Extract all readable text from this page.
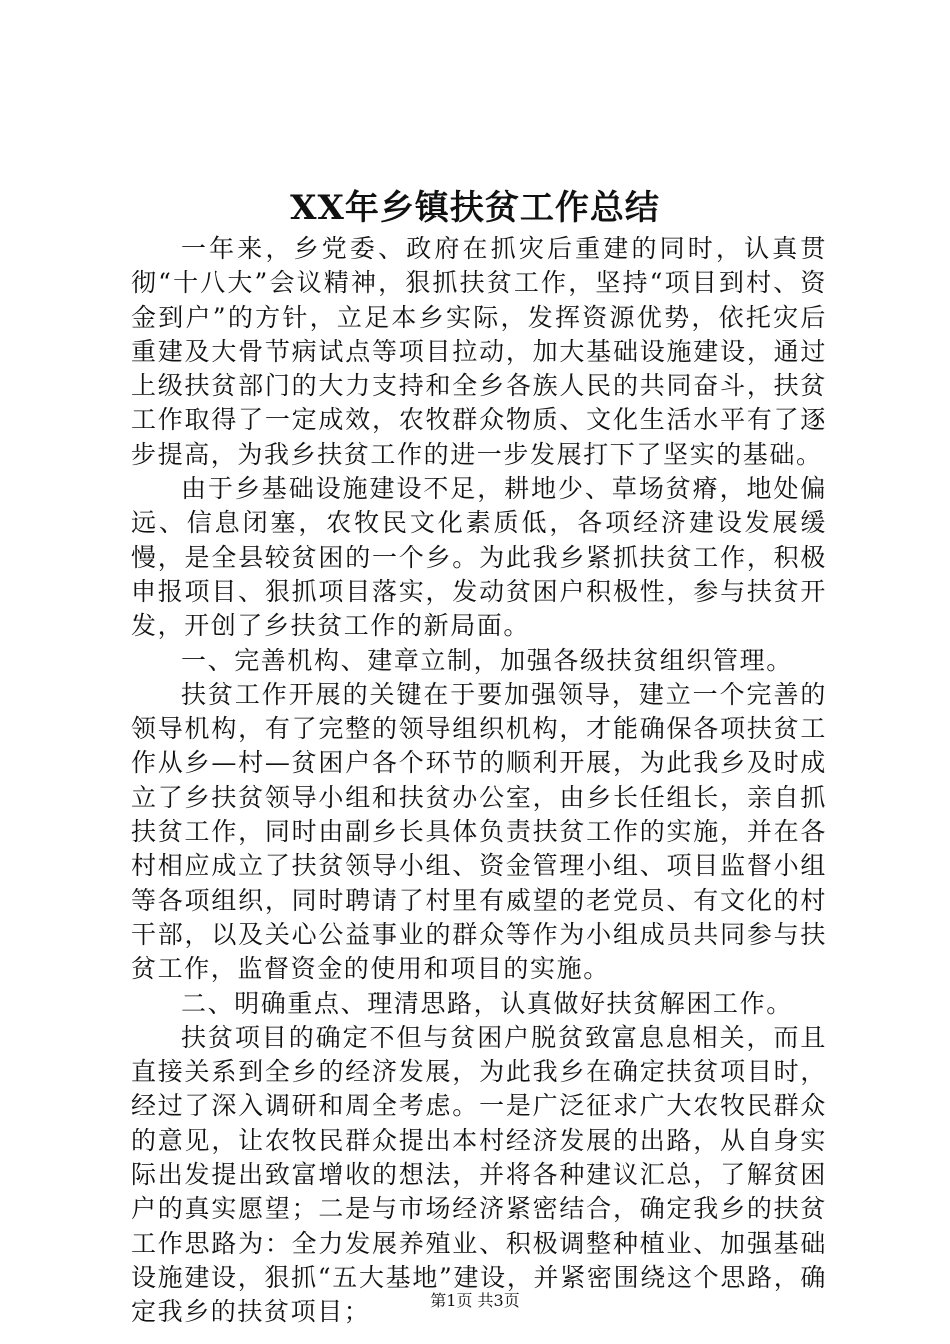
XX年乡镇扶贫工作总结

一年来，乡党委、政府在抓灾后重建的同时，认真贯彻“十八大”会议精神，狠抓扶贫工作，坚持“项目到村、资金到户”的方针，立足本乡实际，发挥资源优势，依托灾后重建及大骨节病试点等项目拉动，加大基础设施建设，通过上级扶贫部门的大力支持和全乡各族人民的共同奋斗，扶贫工作取得了一定成效，农牧群众物质、文化生活水平有了逐步提高，为我乡扶贫工作的进一步发展打下了坚实的基础。

由于乡基础设施建设不足，耕地少、草场贫瘠，地处偏远、信息闭塞，农牧民文化素质低，各项经济建设发展缓慢，是全县较贫困的一个乡。为此我乡紧抓扶贫工作，积极申报项目、狠抓项目落实，发动贫困户积极性，参与扶贫开发，开创了乡扶贫工作的新局面。

一、完善机构、建章立制，加强各级扶贫组织管理。

扶贫工作开展的关键在于要加强领导，建立一个完善的领导机构，有了完整的领导组织机构，才能确保各项扶贫工作从乡—村—贫困户各个环节的顺利开展，为此我乡及时成立了乡扶贫领导小组和扶贫办公室，由乡长任组长，亲自抓扶贫工作，同时由副乡长具体负责扶贫工作的实施，并在各村相应成立了扶贫领导小组、资金管理小组、项目监督小组等各项组织，同时聘请了村里有威望的老党员、有文化的村干部，以及关心公益事业的群众等作为小组成员共同参与扶贫工作，监督资金的使用和项目的实施。

二、明确重点、理清思路，认真做好扶贫解困工作。

扶贫项目的确定不但与贫困户脱贫致富息息相关，而且直接关系到全乡的经济发展，为此我乡在确定扶贫项目时，经过了深入调研和周全考虑。一是广泛征求广大农牧民群众的意见，让农牧民群众提出本村经济发展的出路，从自身实际出发提出致富增收的想法，并将各种建议汇总，了解贫困户的真实愿望；二是与市场经济紧密结合，确定我乡的扶贫工作思路为：全力发展养殖业、积极调整种植业、加强基础设施建设，狠抓“五大基地”建设，并紧密围绕这个思路，确定我乡的扶贫项目；	第1页 共3页
